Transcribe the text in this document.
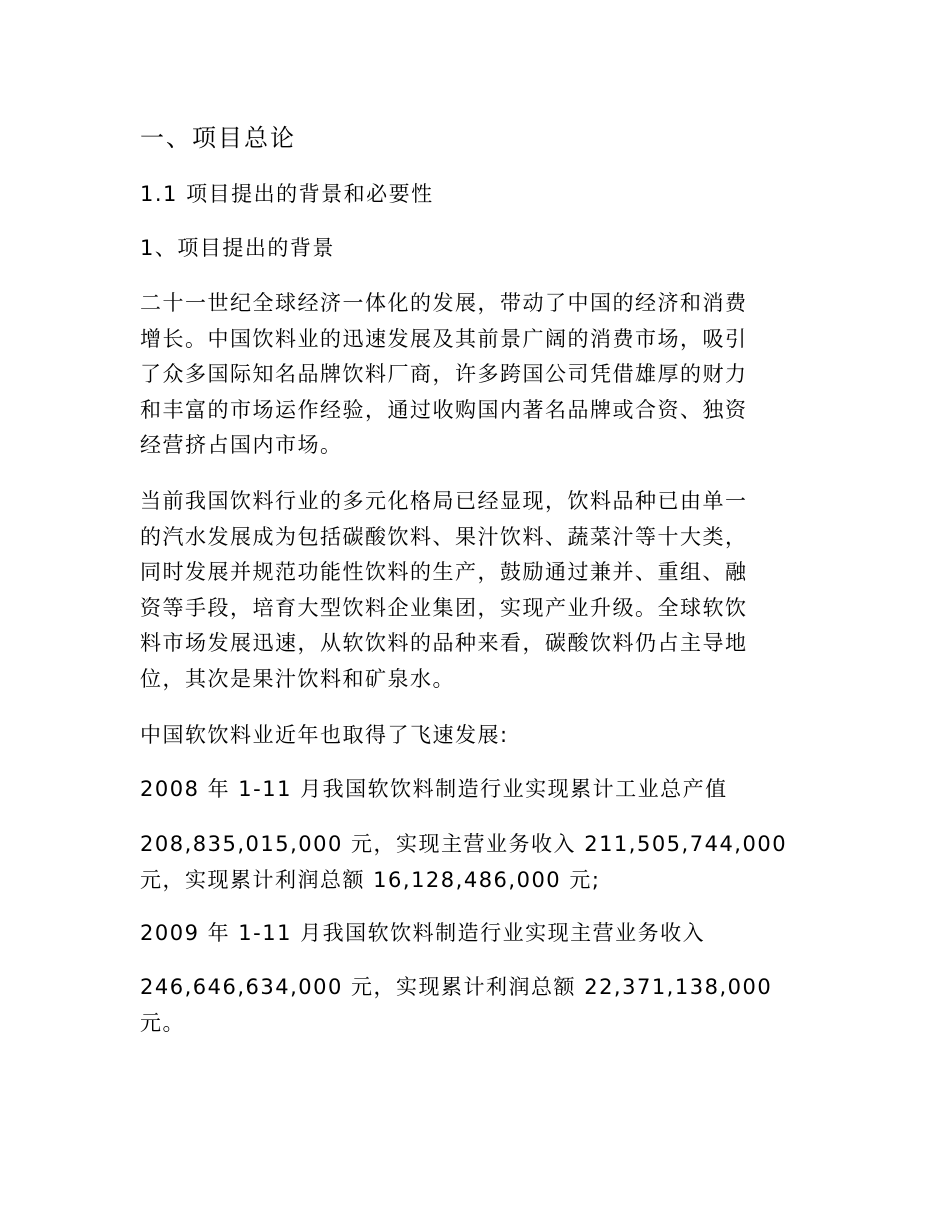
一、项目总论
1.1 项目提出的背景和必要性
1、项目提出的背景

二十一世纪全球经济一体化的发展，带动了中国的经济和消费
增长。中国饮料业的迅速发展及其前景广阔的消费市场，吸引
了众多国际知名品牌饮料厂商，许多跨国公司凭借雄厚的财力
和丰富的市场运作经验，通过收购国内著名品牌或合资、独资
经营挤占国内市场。

当前我国饮料行业的多元化格局已经显现，饮料品种已由单一
的汽水发展成为包括碳酸饮料、果汁饮料、蔬菜汁等十大类，
同时发展并规范功能性饮料的生产，鼓励通过兼并、重组、融
资等手段，培育大型饮料企业集团，实现产业升级。全球软饮
料市场发展迅速，从软饮料的品种来看，碳酸饮料仍占主导地
位，其次是果汁饮料和矿泉水。

中国软饮料业近年也取得了飞速发展:

2008 年 1-11 月我国软饮料制造行业实现累计工业总产值

208,835,015,000 元，实现主营业务收入 211,505,744,000
元，实现累计利润总额 16,128,486,000 元;

2009 年 1-11 月我国软饮料制造行业实现主营业务收入

246,646,634,000 元，实现累计利润总额 22,371,138,000
元。
